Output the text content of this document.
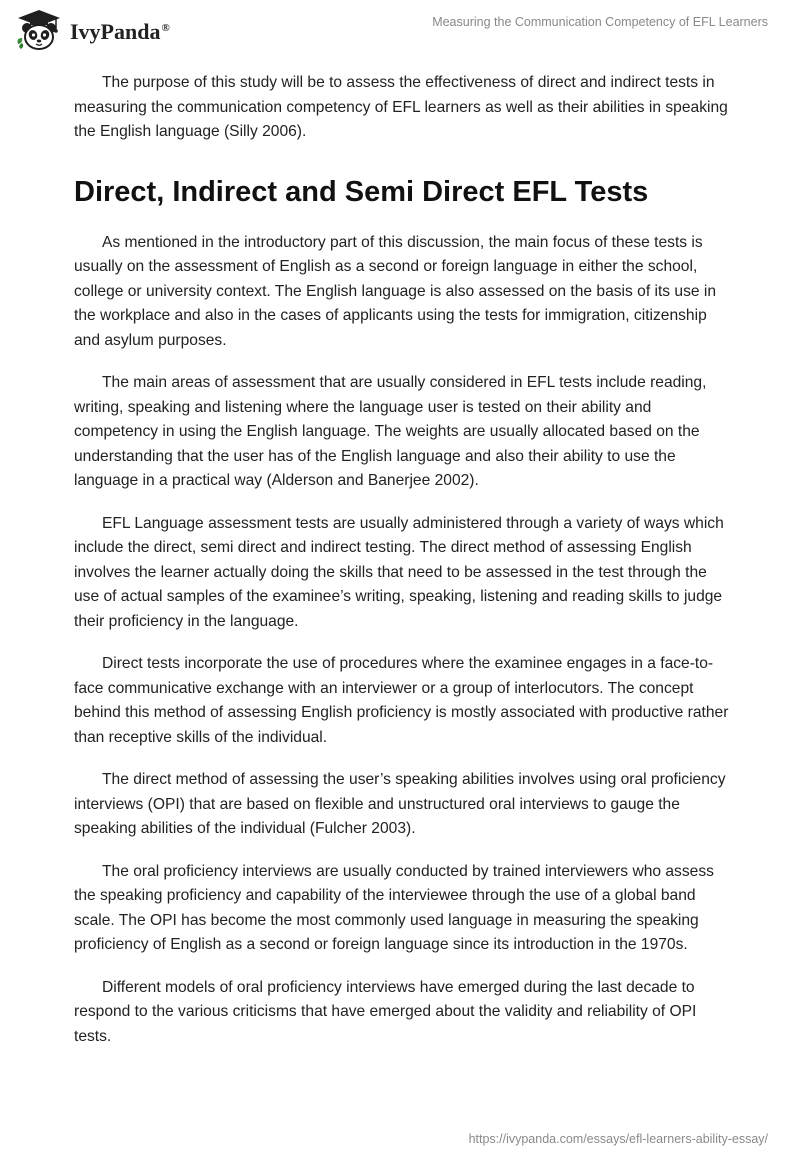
IvyPanda®	Measuring the Communication Competency of EFL Learners

The purpose of this study will be to assess the effectiveness of direct and indirect tests in measuring the communication competency of EFL learners as well as their abilities in speaking the English language (Silly 2006).

Direct, Indirect and Semi Direct EFL Tests

As mentioned in the introductory part of this discussion, the main focus of these tests is usually on the assessment of English as a second or foreign language in either the school, college or university context. The English language is also assessed on the basis of its use in the workplace and also in the cases of applicants using the tests for immigration, citizenship and asylum purposes.

The main areas of assessment that are usually considered in EFL tests include reading, writing, speaking and listening where the language user is tested on their ability and competency in using the English language. The weights are usually allocated based on the understanding that the user has of the English language and also their ability to use the language in a practical way (Alderson and Banerjee 2002).

EFL Language assessment tests are usually administered through a variety of ways which include the direct, semi direct and indirect testing. The direct method of assessing English involves the learner actually doing the skills that need to be assessed in the test through the use of actual samples of the examinee’s writing, speaking, listening and reading skills to judge their proficiency in the language.

Direct tests incorporate the use of procedures where the examinee engages in a face-to-face communicative exchange with an interviewer or a group of interlocutors. The concept behind this method of assessing English proficiency is mostly associated with productive rather than receptive skills of the individual.

The direct method of assessing the user’s speaking abilities involves using oral proficiency interviews (OPI) that are based on flexible and unstructured oral interviews to gauge the speaking abilities of the individual (Fulcher 2003).

The oral proficiency interviews are usually conducted by trained interviewers who assess the speaking proficiency and capability of the interviewee through the use of a global band scale. The OPI has become the most commonly used language in measuring the speaking proficiency of English as a second or foreign language since its introduction in the 1970s.

Different models of oral proficiency interviews have emerged during the last decade to respond to the various criticisms that have emerged about the validity and reliability of OPI tests.

https://ivypanda.com/essays/efl-learners-ability-essay/
